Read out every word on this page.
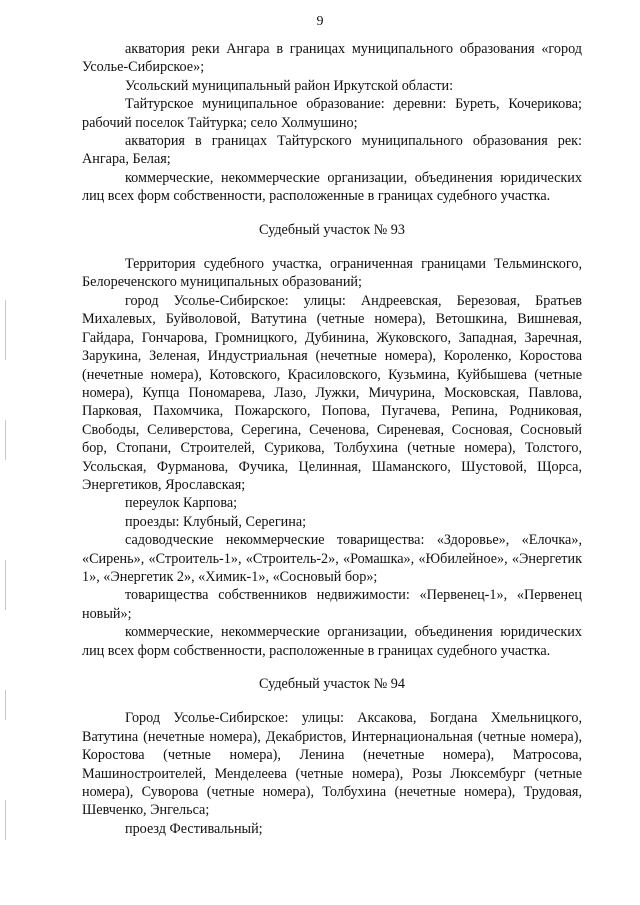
9

акватория реки Ангара в границах муниципального образования «город Усолье-Сибирское»;

Усольский муниципальный район Иркутской области:

Тайтурское муниципальное образование: деревни: Буреть, Кочерикова; рабочий поселок Тайтурка; село Холмушино;

акватория в границах Тайтурского муниципального образования рек: Ангара, Белая;

коммерческие, некоммерческие организации, объединения юридических лиц всех форм собственности, расположенные в границах судебного участка.

Судебный участок № 93

Территория судебного участка, ограниченная границами Тельминского, Белореченского муниципальных образований;

город Усолье-Сибирское: улицы: Андреевская, Березовая, Братьев Михалевых, Буйволовой, Ватутина (четные номера), Ветошкина, Вишневая, Гайдара, Гончарова, Громницкого, Дубинина, Жуковского, Западная, Заречная, Зарукина, Зеленая, Индустриальная (нечетные номера), Короленко, Коростова (нечетные номера), Котовского, Красиловского, Кузьмина, Куйбышева (четные номера), Купца Пономарева, Лазо, Лужки, Мичурина, Московская, Павлова, Парковая, Пахомчика, Пожарского, Попова, Пугачева, Репина, Родниковая, Свободы, Селиверстова, Серегина, Сеченова, Сиреневая, Сосновая, Сосновый бор, Стопани, Строителей, Сурикова, Толбухина (четные номера), Толстого, Усольская, Фурманова, Фучика, Целинная, Шаманского, Шустовой, Щорса, Энергетиков, Ярославская;

переулок Карпова;

проезды: Клубный, Серегина;

садоводческие некоммерческие товарищества: «Здоровье», «Елочка», «Сирень», «Строитель-1», «Строитель-2», «Ромашка», «Юбилейное», «Энергетик 1», «Энергетик 2», «Химик-1», «Сосновый бор»;

товарищества собственников недвижимости: «Первенец-1», «Первенец новый»;

коммерческие, некоммерческие организации, объединения юридических лиц всех форм собственности, расположенные в границах судебного участка.

Судебный участок № 94

Город Усолье-Сибирское: улицы: Аксакова, Богдана Хмельницкого, Ватутина (нечетные номера), Декабристов, Интернациональная (четные номера), Коростова (четные номера), Ленина (нечетные номера), Матросова, Машиностроителей, Менделеева (четные номера), Розы Люксембург (четные номера), Суворова (четные номера), Толбухина (нечетные номера), Трудовая, Шевченко, Энгельса;

проезд Фестивальный;
